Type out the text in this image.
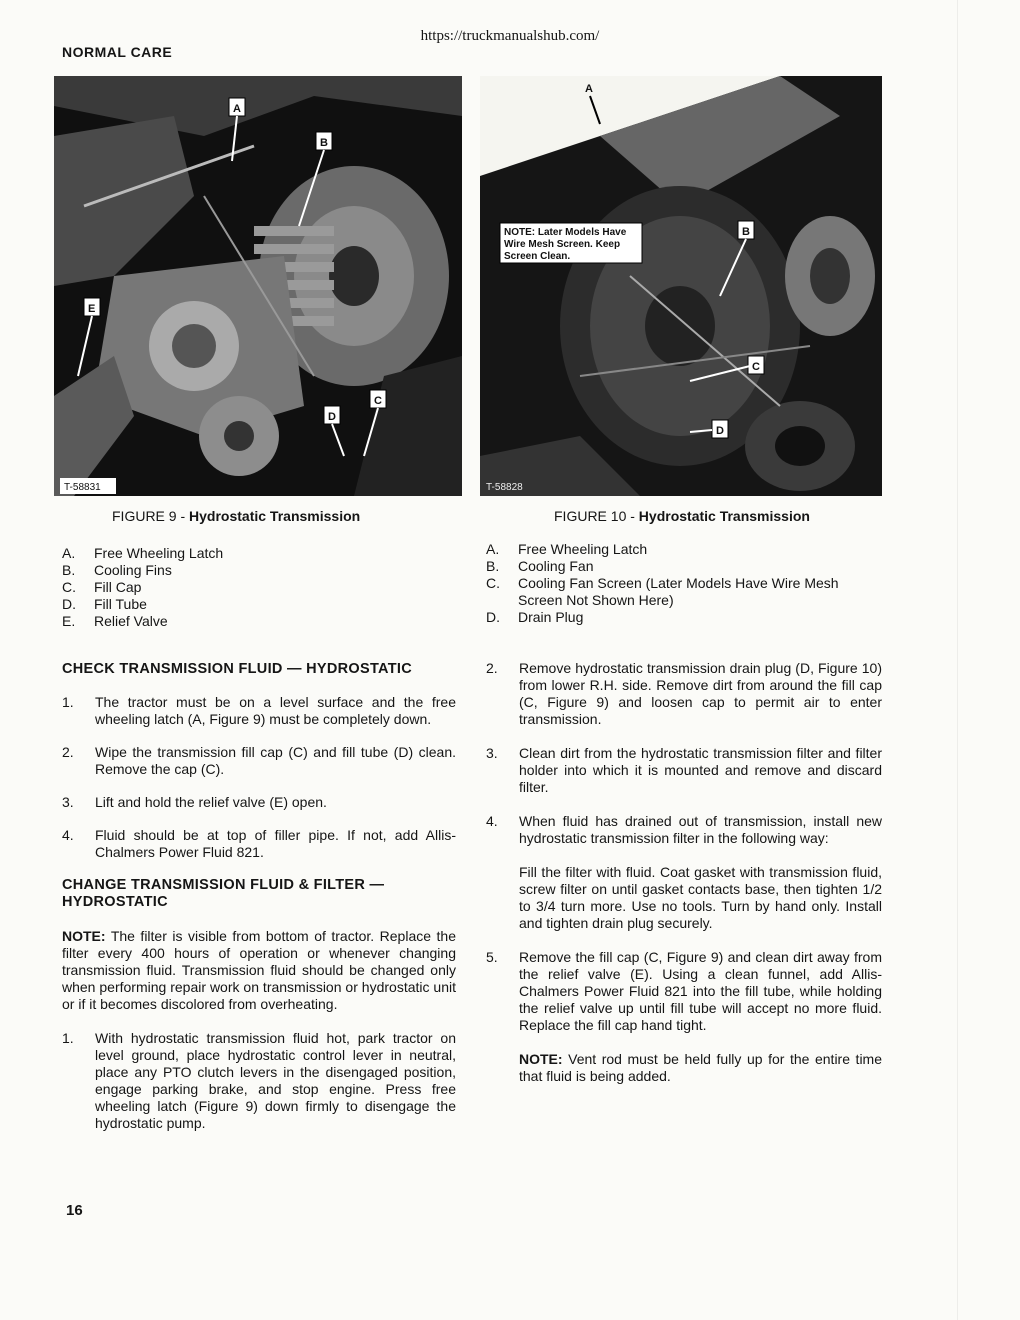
https://truckmanualshub.com/
NORMAL CARE
A
B
C
D
E
T-58831
NOTE: Later Models Have
Wire Mesh Screen. Keep
Screen Clean.
A
B
C
D
T-58828
FIGURE 9 - Hydrostatic Transmission	FIGURE 10 - Hydrostatic Transmission
A. Free Wheeling Latch
B. Cooling Fins
C. Fill Cap
D. Fill Tube
E. Relief Valve
A. Free Wheeling Latch
B. Cooling Fan
C. Cooling Fan Screen (Later Models Have Wire Mesh Screen Not Shown Here)
D. Drain Plug
CHECK TRANSMISSION FLUID — HYDROSTATIC
1. The tractor must be on a level surface and the free wheeling latch (A, Figure 9) must be completely down.
2. Wipe the transmission fill cap (C) and fill tube (D) clean. Remove the cap (C).
3. Lift and hold the relief valve (E) open.
4. Fluid should be at top of filler pipe. If not, add Allis-Chalmers Power Fluid 821.
CHANGE TRANSMISSION FLUID & FILTER — HYDROSTATIC
NOTE: The filter is visible from bottom of tractor. Replace the filter every 400 hours of operation or whenever changing transmission fluid. Transmission fluid should be changed only when performing repair work on transmission or hydrostatic unit or if it becomes discolored from overheating.
1. With hydrostatic transmission fluid hot, park tractor on level ground, place hydrostatic control lever in neutral, place any PTO clutch levers in the disengaged position, engage parking brake, and stop engine. Press free wheeling latch (Figure 9) down firmly to disengage the hydrostatic pump.
2. Remove hydrostatic transmission drain plug (D, Figure 10) from lower R.H. side. Remove dirt from around the fill cap (C, Figure 9) and loosen cap to permit air to enter transmission.
3. Clean dirt from the hydrostatic transmission filter and filter holder into which it is mounted and remove and discard filter.
4. When fluid has drained out of transmission, install new hydrostatic transmission filter in the following way:
Fill the filter with fluid. Coat gasket with transmission fluid, screw filter on until gasket contacts base, then tighten 1/2 to 3/4 turn more. Use no tools. Turn by hand only. Install and tighten drain plug securely.
5. Remove the fill cap (C, Figure 9) and clean dirt away from the relief valve (E). Using a clean funnel, add Allis-Chalmers Power Fluid 821 into the fill tube, while holding the relief valve up until fill tube will accept no more fluid. Replace the fill cap hand tight.
NOTE: Vent rod must be held fully up for the entire time that fluid is being added.
16
